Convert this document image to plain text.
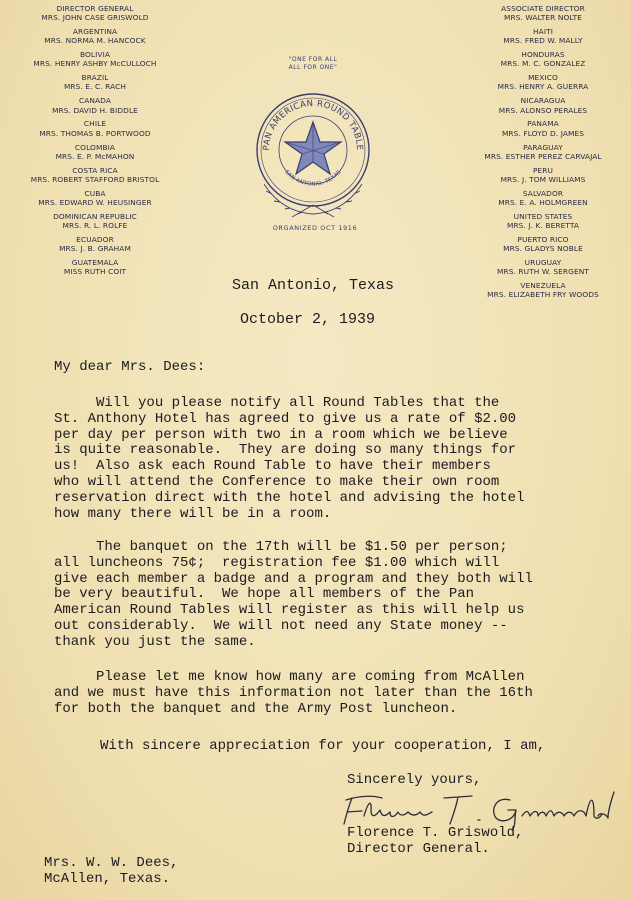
DIRECTOR GENERAL
MRS. JOHN CASE GRISWOLD
ARGENTINA
MRS. NORMA M. HANCOCK
BOLIVIA
MRS. HENRY ASHBY McCULLOCH
BRAZIL
MRS. E. C. RACH
CANADA
MRS. DAVID H. BIDDLE
CHILE
MRS. THOMAS B. PORTWOOD
COLOMBIA
MRS. E. P. McMAHON
COSTA RICA
MRS. ROBERT STAFFORD BRISTOL
CUBA
MRS. EDWARD W. HEUSINGER
DOMINICAN REPUBLIC
MRS. R. L. ROLFE
ECUADOR
MRS. J. B. GRAHAM
GUATEMALA
MISS RUTH COIT
ASSOCIATE DIRECTOR
MRS. WALTER NOLTE
HAITI
MRS. FRED W. MALLY
HONDURAS
MRS. M. C. GONZALEZ
MEXICO
MRS. HENRY A. GUERRA
NICARAGUA
MRS. ALONSO PERALES
PANAMA
MRS. FLOYD D. JAMES
PARAGUAY
MRS. ESTHER PEREZ CARVAJAL
PERU
MRS. J. TOM WILLIAMS
SALVADOR
MRS. E. A. HOLMGREEN
UNITED STATES
MRS. J. K. BERETTA
PUERTO RICO
MRS. GLADYS NOBLE
URUGUAY
MRS. RUTH W. SERGENT
VENEZUELA
MRS. ELIZABETH FRY WOODS
"ONE FOR ALL
ALL FOR ONE"
PAN AMERICAN ROUND TABLE
SAN ANTONIO, TEXAS
ORGANIZED OCT 1916
San Antonio, Texas

October 2, 1939
My dear Mrs. Dees:
Will you please notify all Round Tables that the
St. Anthony Hotel has agreed to give us a rate of $2.00
per day per person with two in a room which we believe
is quite reasonable.  They are doing so many things for
us!  Also ask each Round Table to have their members
who will attend the Conference to make their own room
reservation direct with the hotel and advising the hotel
how many there will be in a room.
The banquet on the 17th will be $1.50 per person;
all luncheons 75¢;  registration fee $1.00 which will
give each member a badge and a program and they both will
be very beautiful.  We hope all members of the Pan
American Round Tables will register as this will help us
out considerably.  We will not need any State money --
thank you just the same.
Please let me know how many are coming from McAllen
and we must have this information not later than the 16th
for both the banquet and the Army Post luncheon.
With sincere appreciation for your cooperation, I am,
Sincerely yours,
Florence T. Griswold,
Director General.
Mrs. W. W. Dees,
McAllen, Texas.
